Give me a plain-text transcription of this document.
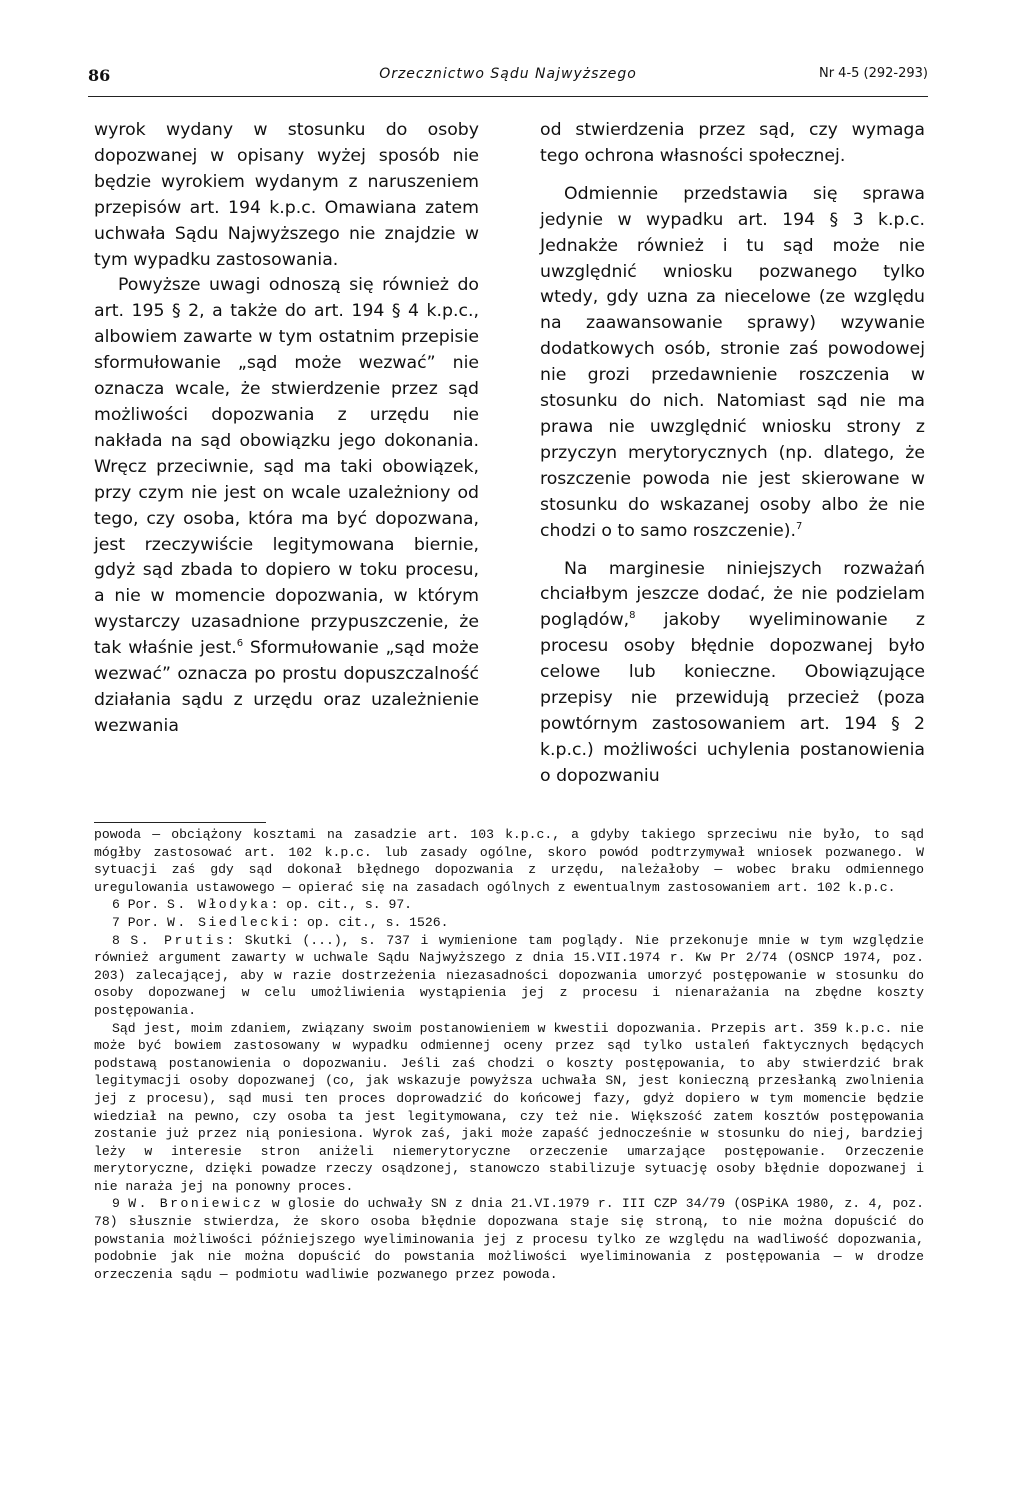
86	Orzecznictwo Sądu Najwyższego	Nr 4-5 (292-293)

wyrok wydany w stosunku do osoby dopozwanej w opisany wyżej sposób nie będzie wyrokiem wydanym z naruszeniem przepisów art. 194 k.p.c. Omawiana zatem uchwała Sądu Najwyższego nie znajdzie w tym wypadku zastosowania.

Powyższe uwagi odnoszą się również do art. 195 § 2, a także do art. 194 § 4 k.p.c., albowiem zawarte w tym ostatnim przepisie sformułowanie „sąd może wezwać” nie oznacza wcale, że stwierdzenie przez sąd możliwości dopozwania z urzędu nie nakłada na sąd obowiązku jego dokonania. Wręcz przeciwnie, sąd ma taki obowiązek, przy czym nie jest on wcale uzależniony od tego, czy osoba, która ma być dopozwana, jest rzeczywiście legitymowana biernie, gdyż sąd zbada to dopiero w toku procesu, a nie w momencie dopozwania, w którym wystarczy uzasadnione przypuszczenie, że tak właśnie jest.$^6$ Sformułowanie „sąd może wezwać” oznacza po prostu dopuszczalność działania sądu z urzędu oraz uzależnienie wezwania

od stwierdzenia przez sąd, czy wymaga tego ochrona własności społecznej.

Odmiennie przedstawia się sprawa jedynie w wypadku art. 194 § 3 k.p.c. Jednakże również i tu sąd może nie uwzględnić wniosku pozwanego tylko wtedy, gdy uzna za niecelowe (ze względu na zaawansowanie sprawy) wzywanie dodatkowych osób, stronie zaś powodowej nie grozi przedawnienie roszczenia w stosunku do nich. Natomiast sąd nie ma prawa nie uwzględnić wniosku strony z przyczyn merytorycznych (np. dlatego, że roszczenie powoda nie jest skierowane w stosunku do wskazanej osoby albo że nie chodzi o to samo roszczenie).$^7$

Na marginesie niniejszych rozważań chciałbym jeszcze dodać, że nie podzielam poglądów,$^8$ jakoby wyeliminowanie z procesu osoby błędnie dopozwanej było celowe lub konieczne. Obowiązujące przepisy nie przewidują przecież (poza powtórnym zastosowaniem art. 194 § 2 k.p.c.) możliwości uchylenia postanowienia o dopozwaniu

powoda — obciążony kosztami na zasadzie art. 103 k.p.c., a gdyby takiego sprzeciwu nie było, to sąd mógłby zastosować art. 102 k.p.c. lub zasady ogólne, skoro powód podtrzymywał wniosek pozwanego. W sytuacji zaś gdy sąd dokonał błędnego dopozwania z urzędu, należałoby — wobec braku odmiennego uregulowania ustawowego — opierać się na zasadach ogólnych z ewentualnym zastosowaniem art. 102 k.p.c.

6 Por. S. Włodyka: op. cit., s. 97.

7 Por. W. Siedlecki: op. cit., s. 1526.

8 S. Prutis: Skutki (...), s. 737 i wymienione tam poglądy. Nie przekonuje mnie w tym względzie również argument zawarty w uchwale Sądu Najwyższego z dnia 15.VII.1974 r. Kw Pr 2/74 (OSNCP 1974, poz. 203) zalecającej, aby w razie dostrzeżenia niezasadności dopozwania umorzyć postępowanie w stosunku do osoby dopozwanej w celu umożliwienia wystąpienia jej z procesu i nienarażania na zbędne koszty postępowania.

Sąd jest, moim zdaniem, związany swoim postanowieniem w kwestii dopozwania. Przepis art. 359 k.p.c. nie może być bowiem zastosowany w wypadku odmiennej oceny przez sąd tylko ustaleń faktycznych będących podstawą postanowienia o dopozwaniu. Jeśli zaś chodzi o koszty postępowania, to aby stwierdzić brak legitymacji osoby dopozwanej (co, jak wskazuje powyższa uchwała SN, jest konieczną przesłanką zwolnienia jej z procesu), sąd musi ten proces doprowadzić do końcowej fazy, gdyż dopiero w tym momencie będzie wiedział na pewno, czy osoba ta jest legitymowana, czy też nie. Większość zatem kosztów postępowania zostanie już przez nią poniesiona. Wyrok zaś, jaki może zapaść jednocześnie w stosunku do niej, bardziej leży w interesie stron aniżeli niemerytoryczne orzeczenie umarzające postępowanie. Orzeczenie merytoryczne, dzięki powadze rzeczy osądzonej, stanowczo stabilizuje sytuację osoby błędnie dopozwanej i nie naraża jej na ponowny proces.

9 W. Broniewicz w glosie do uchwały SN z dnia 21.VI.1979 r. III CZP 34/79 (OSPiKA 1980, z. 4, poz. 78) słusznie stwierdza, że skoro osoba błędnie dopozwana staje się stroną, to nie można dopuścić do powstania możliwości późniejszego wyeliminowania jej z procesu tylko ze względu na wadliwość dopozwania, podobnie jak nie można dopuścić do powstania możliwości wyeliminowania z postępowania — w drodze orzeczenia sądu — podmiotu wadliwie pozwanego przez powoda.
